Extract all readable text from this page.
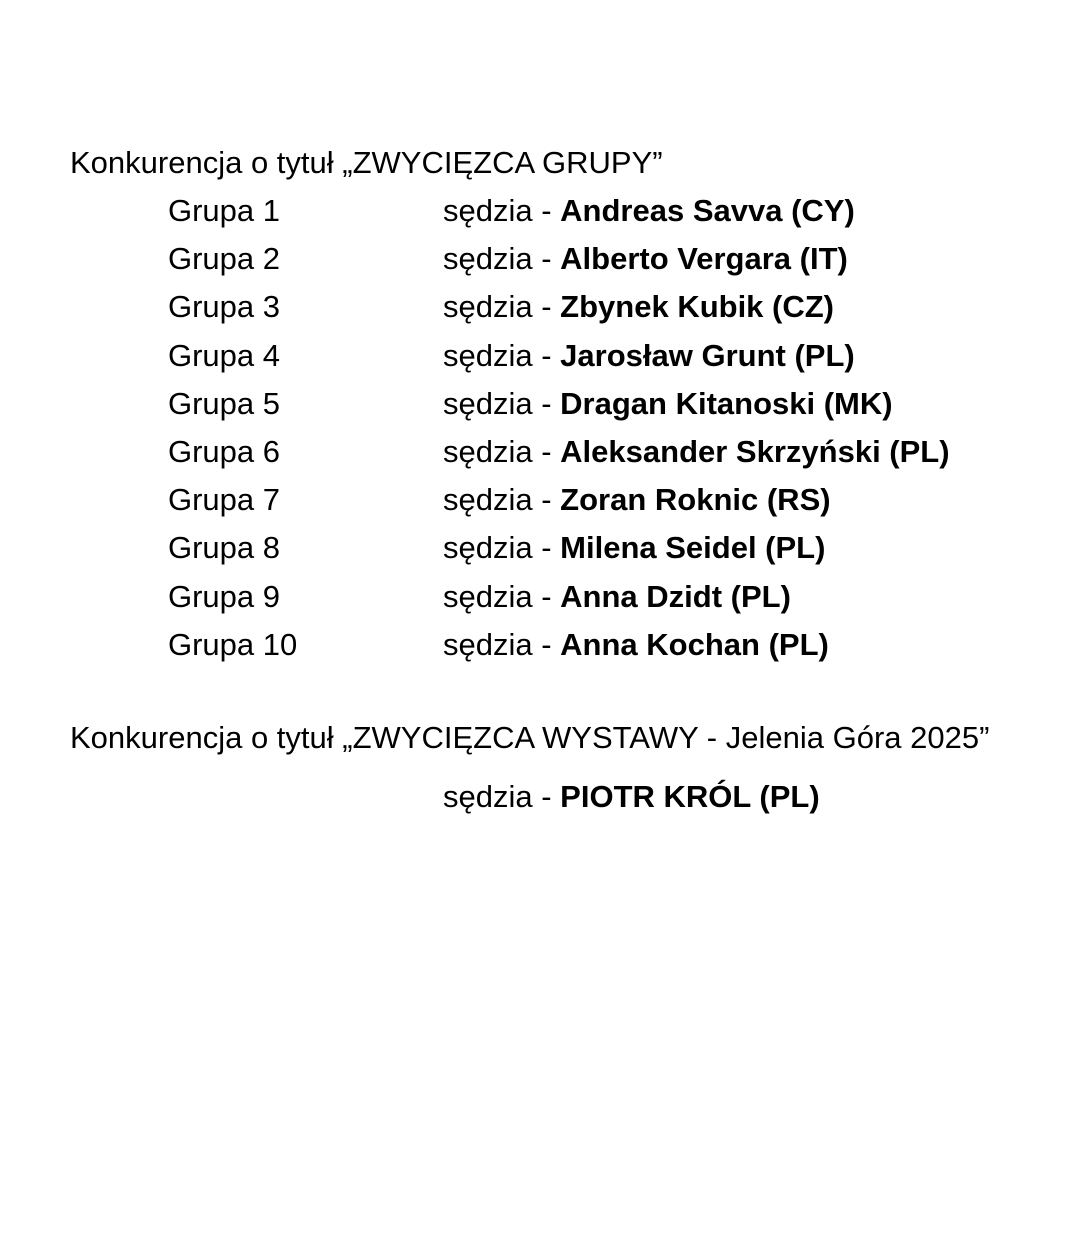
Konkurencja o tytuł „ZWYCIĘZCA GRUPY”
Grupa 1	sędzia - Andreas Savva (CY)
Grupa 2	sędzia - Alberto Vergara (IT)
Grupa 3	sędzia - Zbynek Kubik (CZ)
Grupa 4	sędzia - Jarosław Grunt (PL)
Grupa 5	sędzia - Dragan Kitanoski (MK)
Grupa 6	sędzia - Aleksander Skrzyński (PL)
Grupa 7	sędzia - Zoran Roknic (RS)
Grupa 8	sędzia - Milena Seidel (PL)
Grupa 9	sędzia - Anna Dzidt (PL)
Grupa 10	sędzia - Anna Kochan (PL)
Konkurencja o tytuł „ZWYCIĘZCA WYSTAWY - Jelenia Góra 2025”
sędzia - PIOTR KRÓL (PL)
